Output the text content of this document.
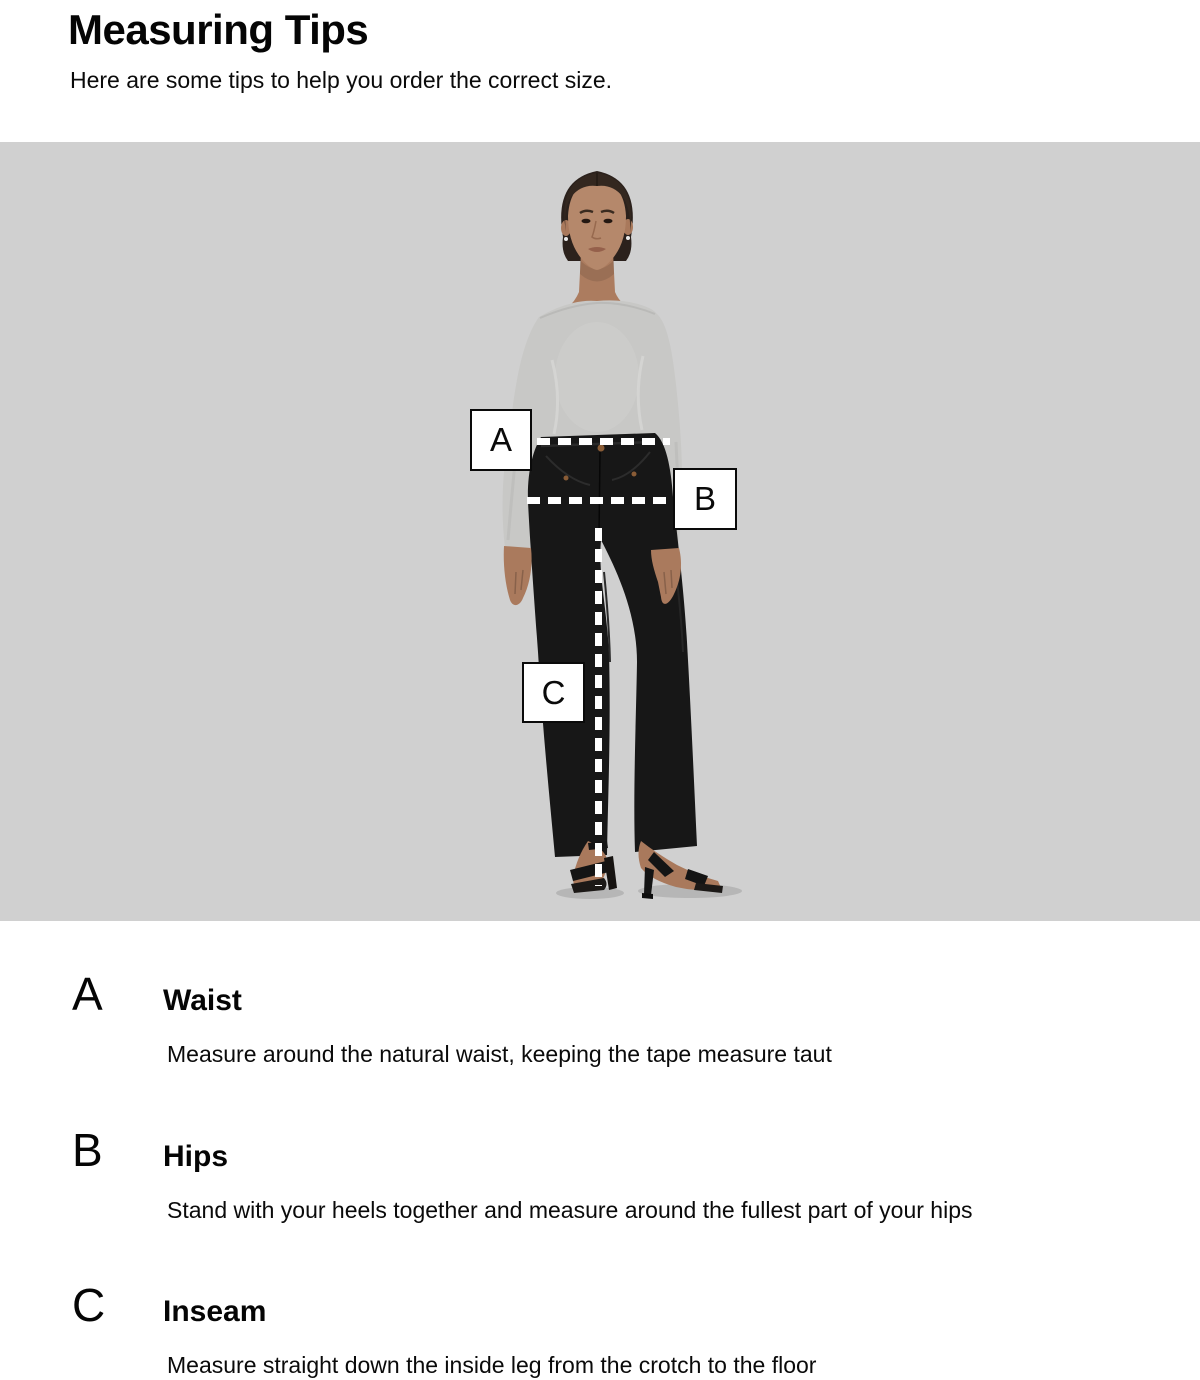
Measuring Tips

Here are some tips to help you order the correct size.

A
B
C
A	Waist

Measure around the natural waist, keeping the tape measure taut

B	Hips

Stand with your heels together and measure around the fullest part of your hips

C	Inseam

Measure straight down the inside leg from the crotch to the floor
